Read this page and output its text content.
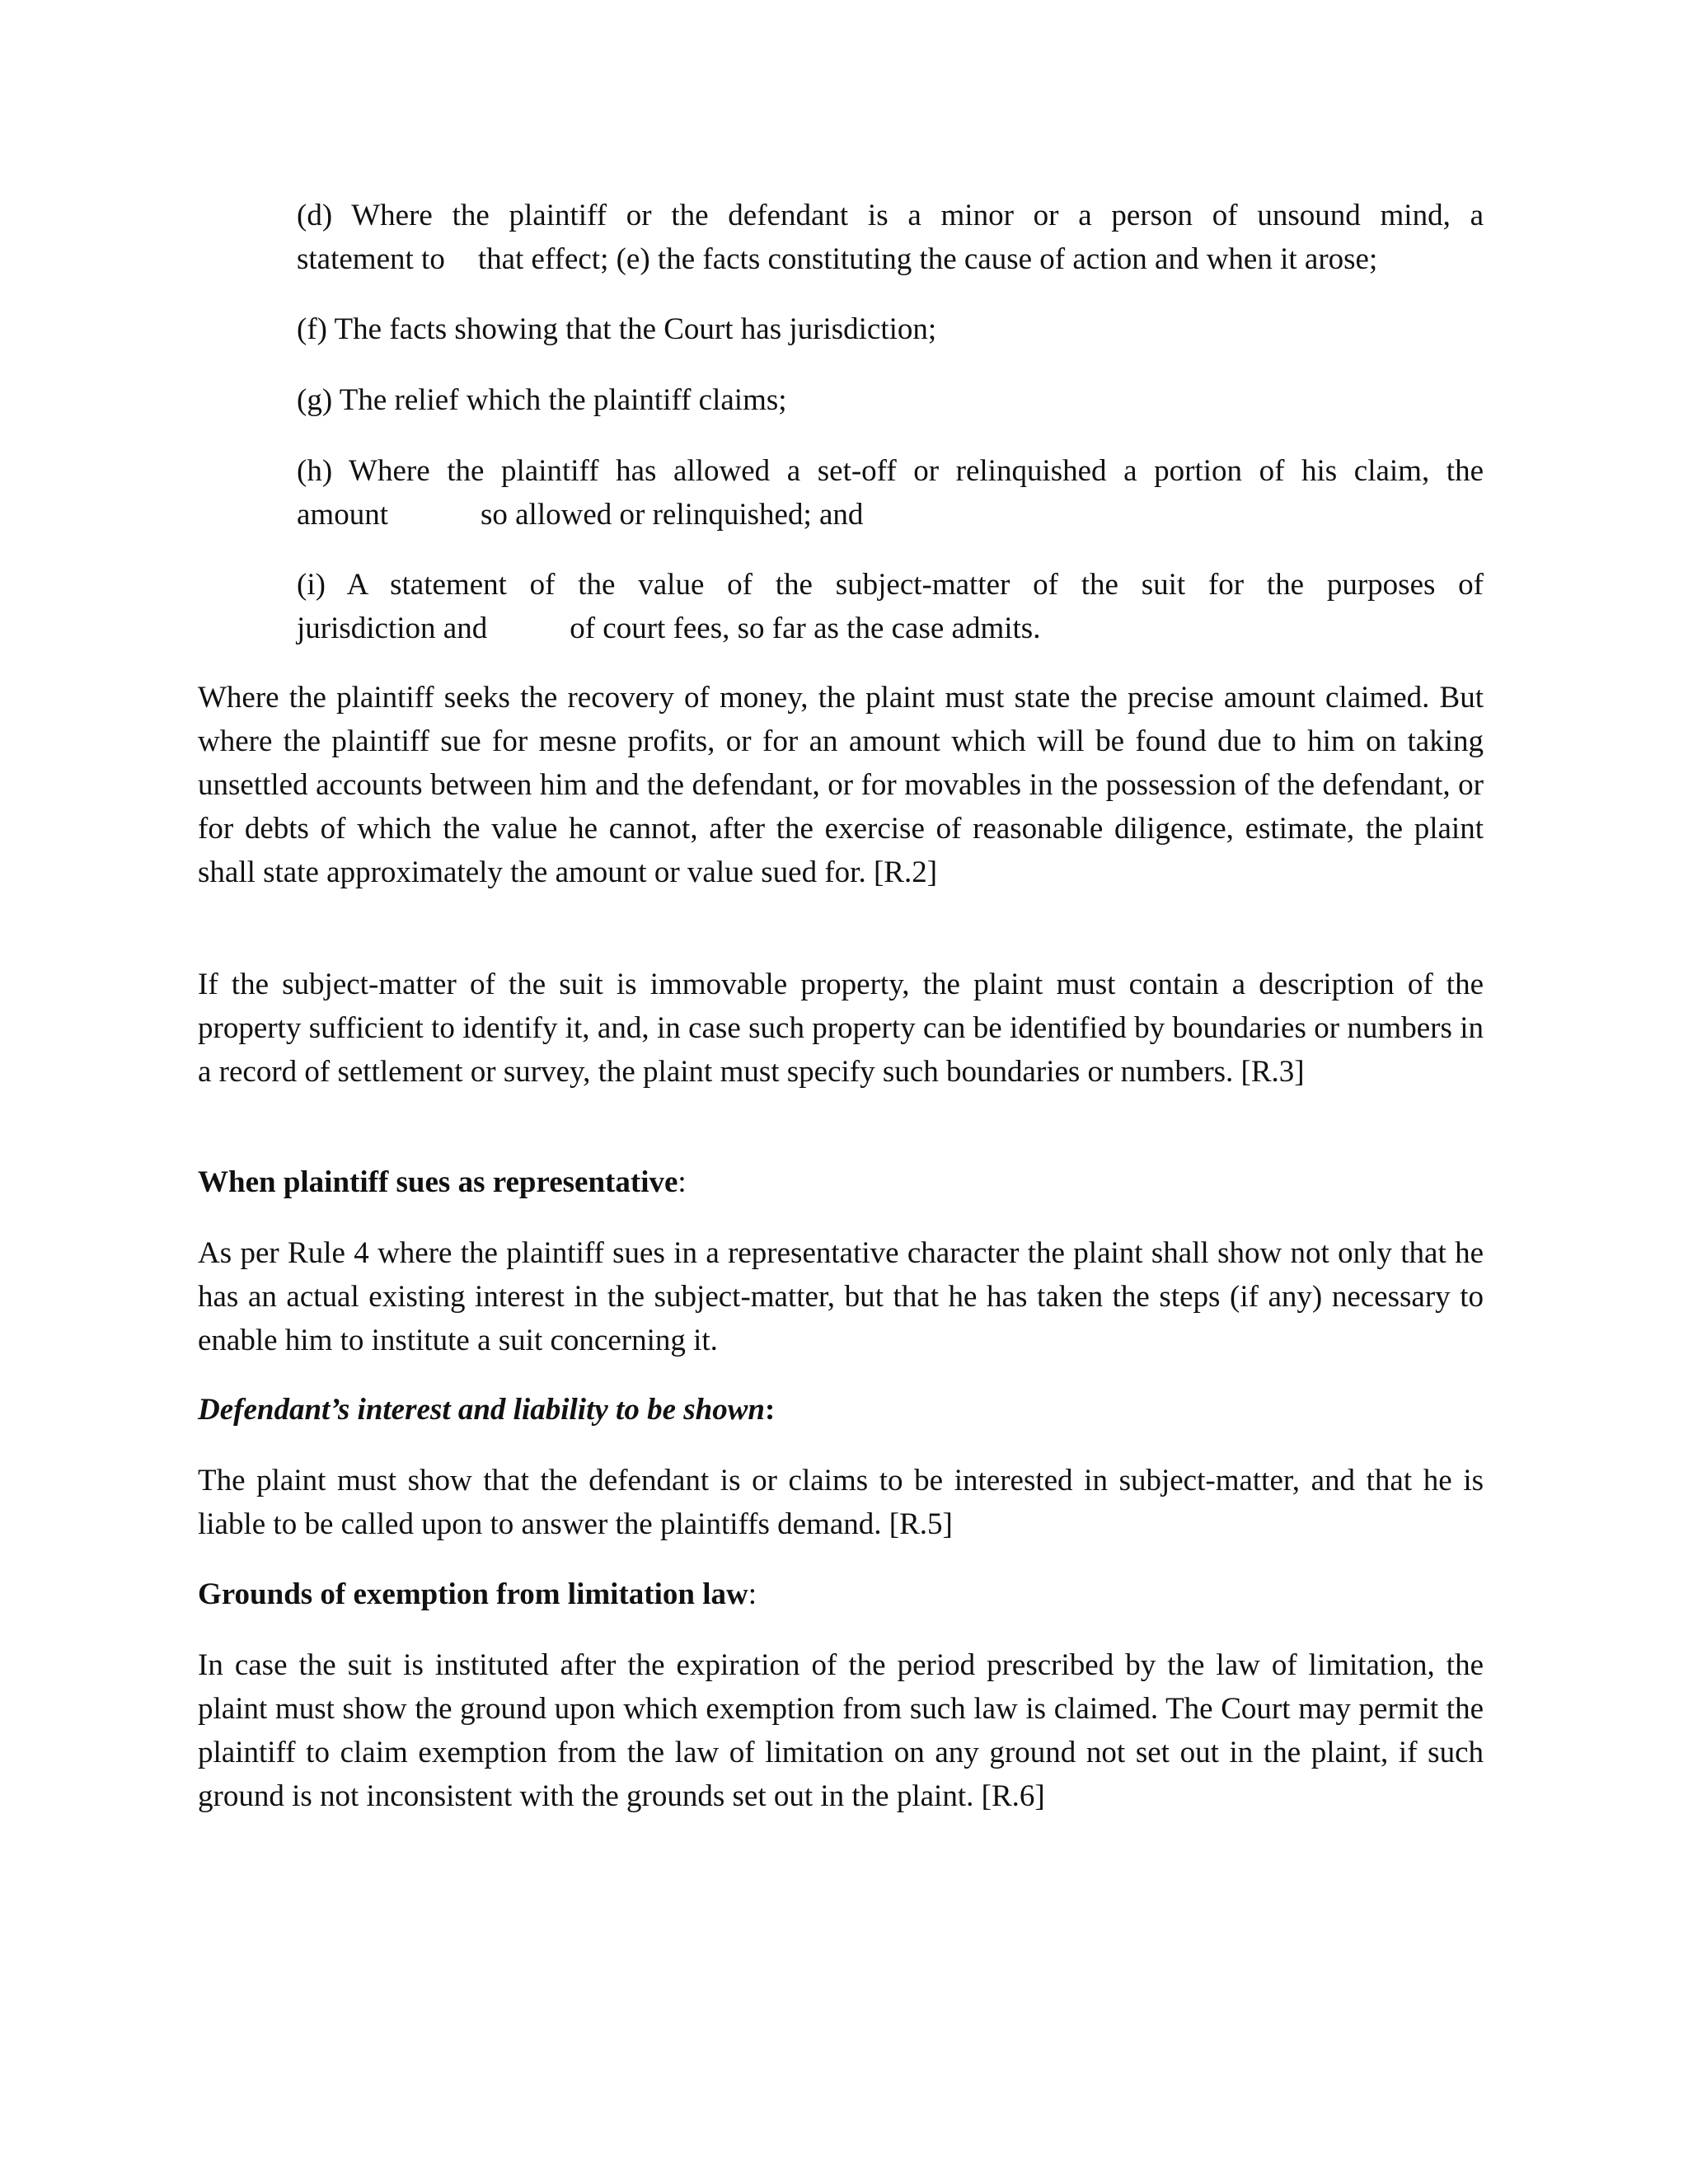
(d) Where the plaintiff or the defendant is a minor or a person of unsound mind, a
statement to that effect; (e) the facts constituting the cause of action and when it arose;
(f) The facts showing that the Court has jurisdiction;
(g) The relief which the plaintiff claims;
(h) Where the plaintiff has allowed a set-off or relinquished a portion of his claim, the
amount	so allowed or relinquished; and
(i) A statement of the value of the subject-matter of the suit for the purposes of
jurisdiction and	of court fees, so far as the case admits.

Where the plaintiff seeks the recovery of money, the plaint must state the precise amount claimed. But where the plaintiff sue for mesne profits, or for an amount which will be found due to him on taking unsettled accounts between him and the defendant, or for movables in the possession of the defendant, or for debts of which the value he cannot, after the exercise of reasonable diligence, estimate, the plaint shall state approximately the amount or value sued for. [R.2]

If the subject-matter of the suit is immovable property, the plaint must contain a description of the property sufficient to identify it, and, in case such property can be identified by boundaries or numbers in a record of settlement or survey, the plaint must specify such boundaries or numbers. [R.3]

When plaintiff sues as representative:

As per Rule 4 where the plaintiff sues in a representative character the plaint shall show not only that he has an actual existing interest in the subject-matter, but that he has taken the steps (if any) necessary to enable him to institute a suit concerning it.

Defendant’s interest and liability to be shown:

The plaint must show that the defendant is or claims to be interested in subject-matter, and that he is liable to be called upon to answer the plaintiffs demand. [R.5]

Grounds of exemption from limitation law:

In case the suit is instituted after the expiration of the period prescribed by the law of limitation, the plaint must show the ground upon which exemption from such law is claimed. The Court may permit the plaintiff to claim exemption from the law of limitation on any ground not set out in the plaint, if such ground is not inconsistent with the grounds set out in the plaint. [R.6]
